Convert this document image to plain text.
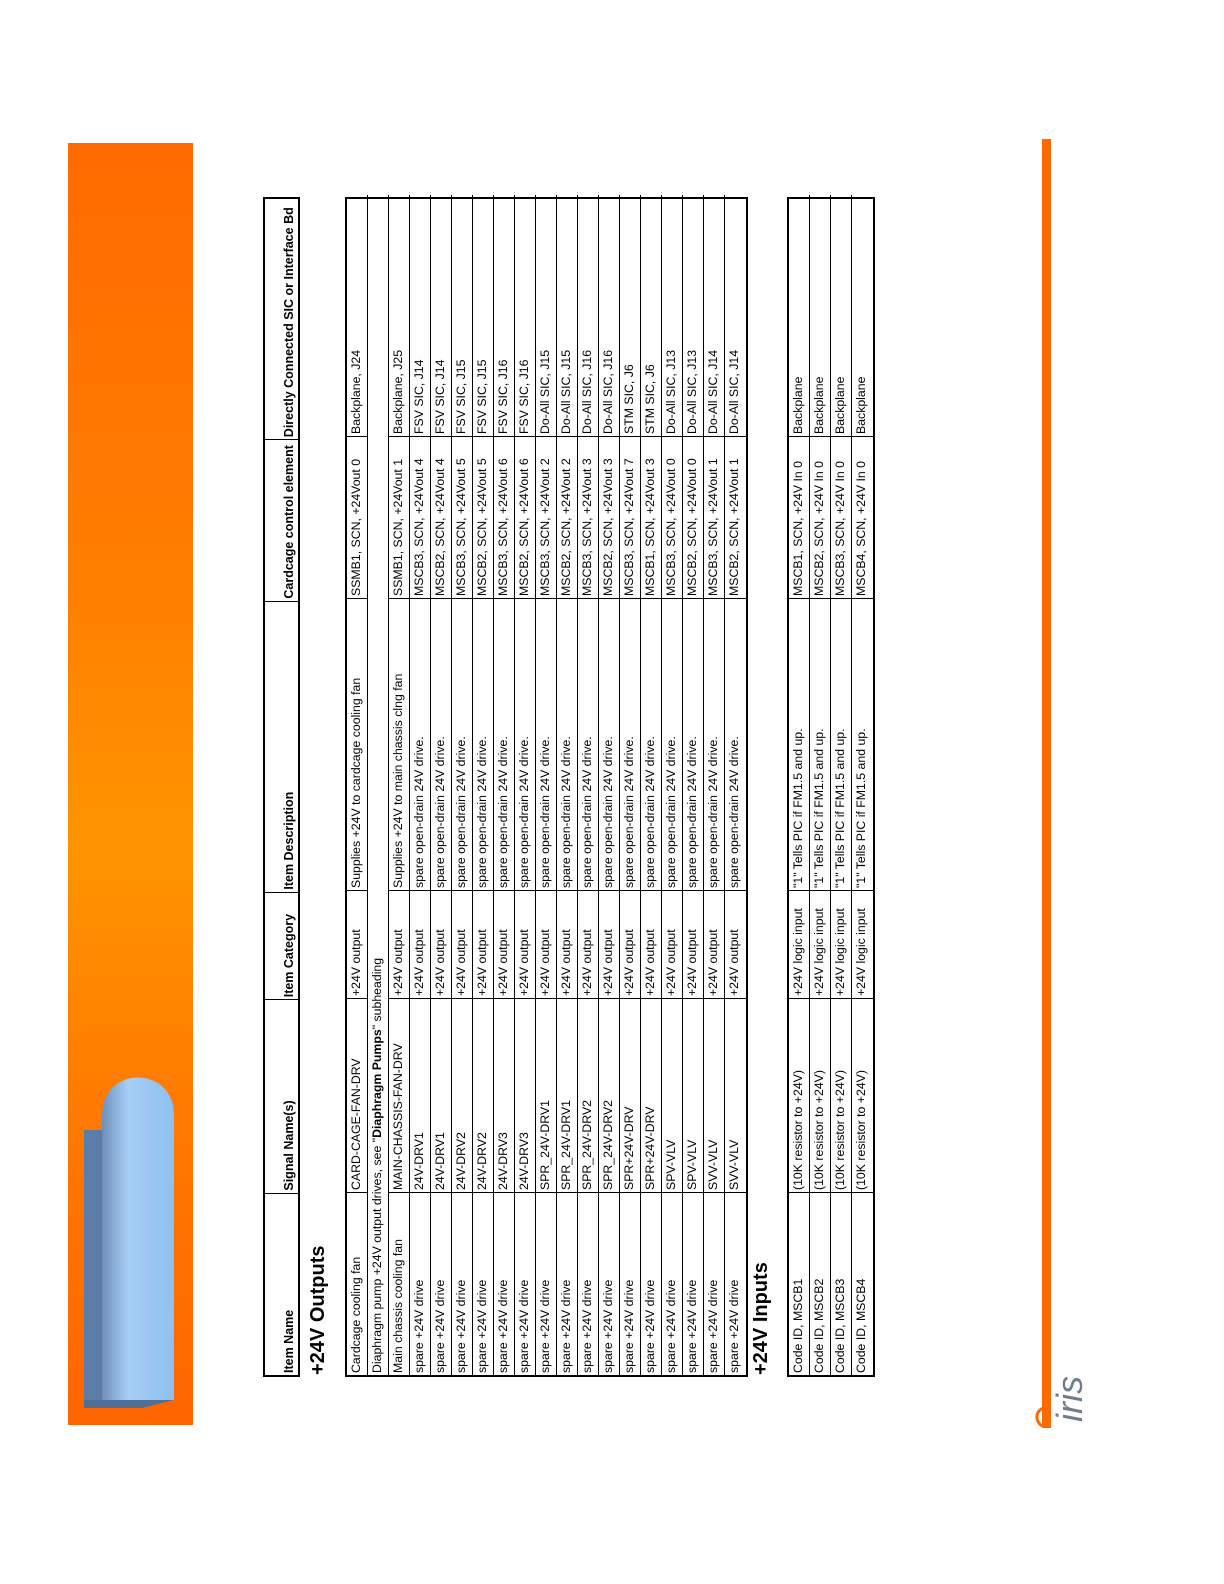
iris
Item Name
Signal Name(s)
Item Category
Item Description
Cardcage control element
Directly Connected SIC or Interface Bd
+24V Outputs Cardcage cooling fan
CARD-CAGE-FAN-DRV
+24V output
Supplies +24V to cardcage cooling fan
SSMB1, SCN, +24Vout 0
Backplane, J24
Diaphragm pump +24V output drives, see "Diaphragm Pumps" subheading
Main chassis cooling fan
MAIN-CHASSIS-FAN-DRV
+24V output
Supplies +24V to main chassis clng fan
SSMB1, SCN, +24Vout 1
Backplane, J25
spare +24V drive
24V-DRV1
+24V output
spare open-drain 24V drive.
MSCB3, SCN, +24Vout 4
FSV SIC, J14
spare +24V drive
24V-DRV1
+24V output
spare open-drain 24V drive.
MSCB2, SCN, +24Vout 4
FSV SIC, J14
spare +24V drive
24V-DRV2
+24V output
spare open-drain 24V drive.
MSCB3, SCN, +24Vout 5
FSV SIC, J15
spare +24V drive
24V-DRV2
+24V output
spare open-drain 24V drive.
MSCB2, SCN, +24Vout 5
FSV SIC, J15
spare +24V drive
24V-DRV3
+24V output
spare open-drain 24V drive.
MSCB3, SCN, +24Vout 6
FSV SIC, J16
spare +24V drive
24V-DRV3
+24V output
spare open-drain 24V drive.
MSCB2, SCN, +24Vout 6
FSV SIC, J16
spare +24V drive
SPR_24V-DRV1
+24V output
spare open-drain 24V drive.
MSCB3, SCN, +24Vout 2
Do-All SIC, J15
spare +24V drive
SPR_24V-DRV1
+24V output
spare open-drain 24V drive.
MSCB2, SCN, +24Vout 2
Do-All SIC, J15
spare +24V drive
SPR_24V-DRV2
+24V output
spare open-drain 24V drive.
MSCB3, SCN, +24Vout 3
Do-All SIC, J16
spare +24V drive
SPR_24V-DRV2
+24V output
spare open-drain 24V drive.
MSCB2, SCN, +24Vout 3
Do-All SIC, J16
spare +24V drive
SPR+24V-DRV
+24V output
spare open-drain 24V drive.
MSCB3, SCN, +24Vout 7
STM SIC, J6
spare +24V drive
SPR+24V-DRV
+24V output
spare open-drain 24V drive.
MSCB1, SCN, +24Vout 3
STM SIC, J6
spare +24V drive
SPV-VLV
+24V output
spare open-drain 24V drive.
MSCB3, SCN, +24Vout 0
Do-All SIC, J13
spare +24V drive
SPV-VLV
+24V output
spare open-drain 24V drive.
MSCB2, SCN, +24Vout 0
Do-All SIC, J13
spare +24V drive
SVV-VLV
+24V output
spare open-drain 24V drive.
MSCB3, SCN, +24Vout 1
Do-All SIC, J14
spare +24V drive
SVV-VLV
+24V output
spare open-drain 24V drive.
MSCB2, SCN, +24Vout 1
Do-All SIC, J14
+24V Inputs Code ID, MSCB1
(10K resistor to +24V)
+24V logic input
"1" Tells PIC if FM1.5 and up.
MSCB1, SCN, +24V In 0
Backplane
Code ID, MSCB2
(10K resistor to +24V)
+24V logic input
"1" Tells PIC if FM1.5 and up.
MSCB2, SCN, +24V In 0
Backplane
Code ID, MSCB3
(10K resistor to +24V)
+24V logic input
"1" Tells PIC if FM1.5 and up.
MSCB3, SCN, +24V In 0
Backplane
Code ID, MSCB4
(10K resistor to +24V)
+24V logic input
"1" Tells PIC if FM1.5 and up.
MSCB4, SCN, +24V In 0
Backplane
